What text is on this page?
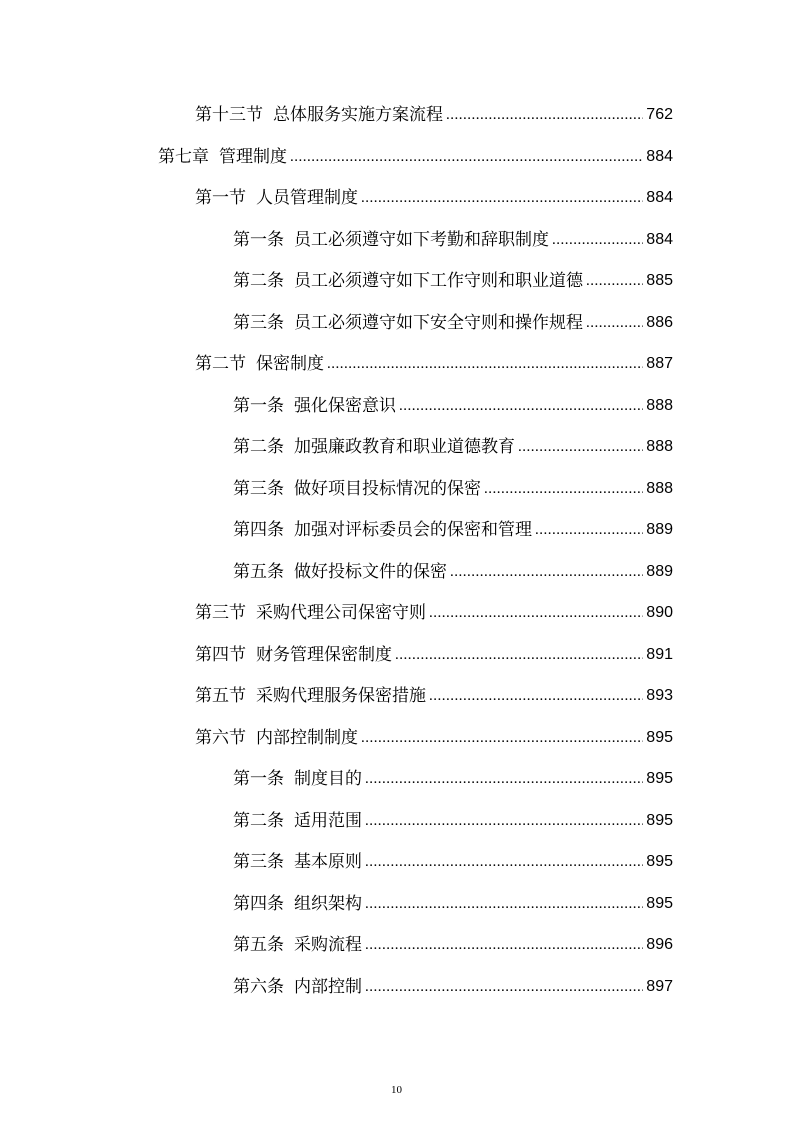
第十三节 总体服务实施方案流程 .....	762
第七章 管理制度 .....	884
第一节 人员管理制度 .....	884
第一条 员工必须遵守如下考勤和辞职制度 .....	884
第二条 员工必须遵守如下工作守则和职业道德 .....	885
第三条 员工必须遵守如下安全守则和操作规程 .....	886
第二节 保密制度 .....	887
第一条 强化保密意识 .....	888
第二条 加强廉政教育和职业道德教育 .....	888
第三条 做好项目投标情况的保密 .....	888
第四条 加强对评标委员会的保密和管理 .....	889
第五条 做好投标文件的保密 .....	889
第三节 采购代理公司保密守则 .....	890
第四节 财务管理保密制度 .....	891
第五节 采购代理服务保密措施 .....	893
第六节 内部控制制度 .....	895
第一条 制度目的 .....	895
第二条 适用范围 .....	895
第三条 基本原则 .....	895
第四条 组织架构 .....	895
第五条 采购流程 .....	896
第六条 内部控制 .....	897
10
